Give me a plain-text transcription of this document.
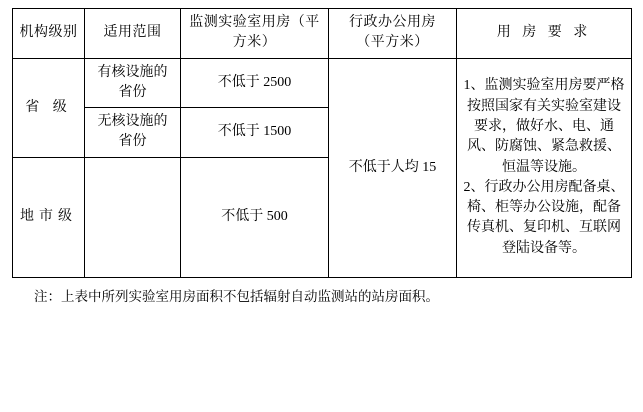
机构级别	适用范围	监测实验室用房（平方米）	行政办公用房（平方米）	用 房 要 求
省 级	有核设施的省份	不低于 2500	不低于人均 15	1、监测实验室用房要严格按照国家有关实验室建设要求，做好水、电、通风、防腐蚀、紧急救援、恒温等设施。

2、行政办公用房配备桌、椅、柜等办公设施，配备传真机、复印机、互联网登陆设备等。

	无核设施的省份	不低于 1500		
地市级		不低于 500		
注：上表中所列实验室用房面积不包括辐射自动监测站的站房面积。
